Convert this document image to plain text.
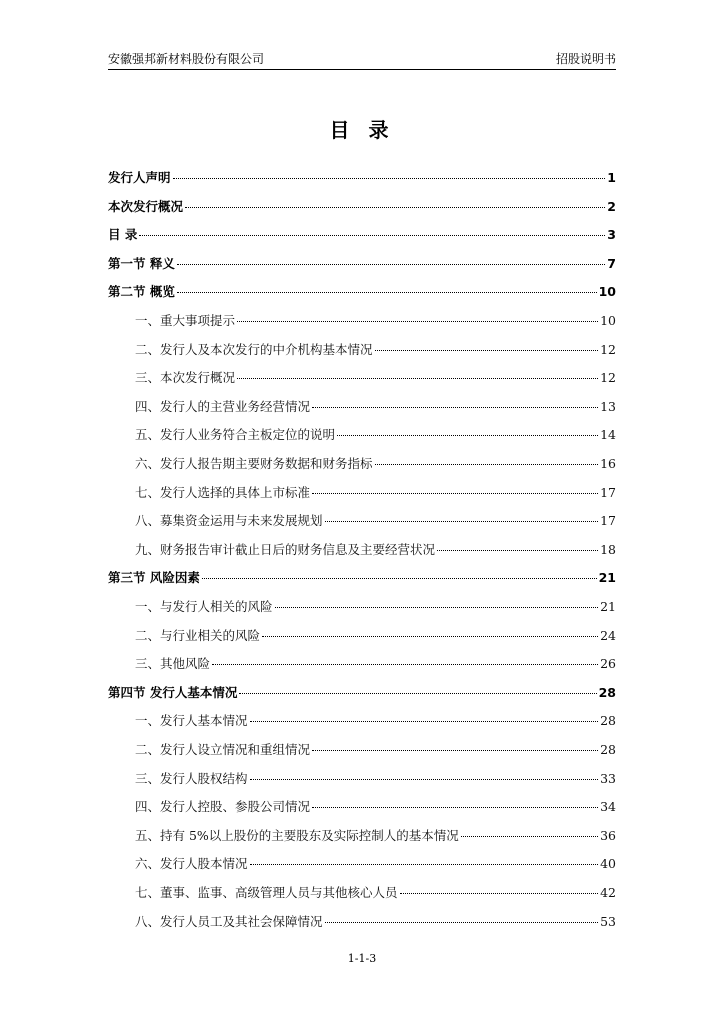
安徽强邦新材料股份有限公司	招股说明书
目 录
发行人声明	1
本次发行概况	2
目 录	3
第一节 释义	7
第二节 概览	10
一、重大事项提示	10
二、发行人及本次发行的中介机构基本情况	12
三、本次发行概况	12
四、发行人的主营业务经营情况	13
五、发行人业务符合主板定位的说明	14
六、发行人报告期主要财务数据和财务指标	16
七、发行人选择的具体上市标准	17
八、募集资金运用与未来发展规划	17
九、财务报告审计截止日后的财务信息及主要经营状况	18
第三节 风险因素	21
一、与发行人相关的风险	21
二、与行业相关的风险	24
三、其他风险	26
第四节 发行人基本情况	28
一、发行人基本情况	28
二、发行人设立情况和重组情况	28
三、发行人股权结构	33
四、发行人控股、参股公司情况	34
五、持有 5%以上股份的主要股东及实际控制人的基本情况	36
六、发行人股本情况	40
七、董事、监事、高级管理人员与其他核心人员	42
八、发行人员工及其社会保障情况	53
1-1-3
